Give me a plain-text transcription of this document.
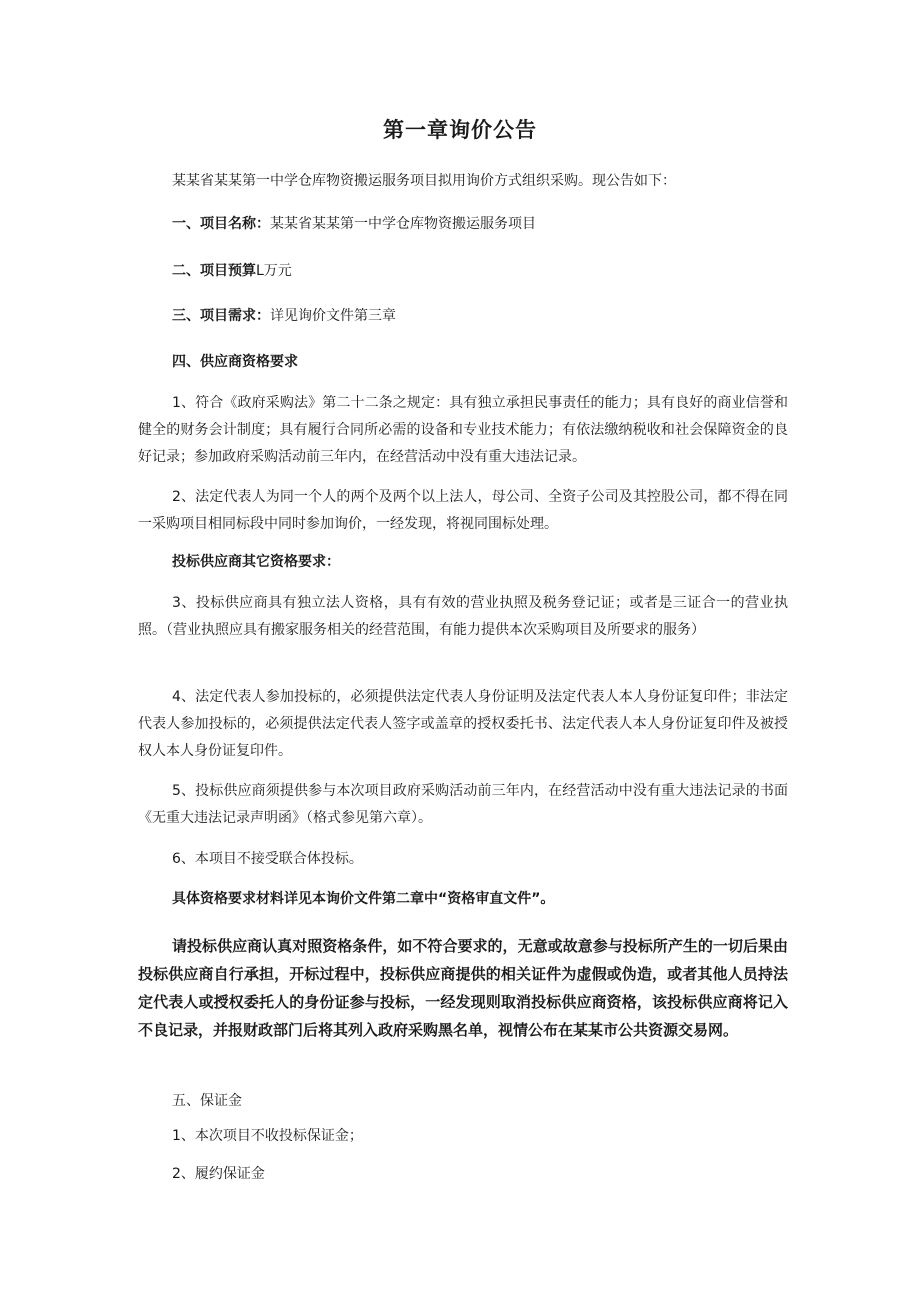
第一章询价公告

某某省某某第一中学仓库物资搬运服务项目拟用询价方式组织采购。现公告如下：

一、项目名称：某某省某某第一中学仓库物资搬运服务项目

二、项目预算L万元

三、项目需求：详见询价文件第三章

四、供应商资格要求

1、符合《政府采购法》第二十二条之规定：具有独立承担民事责任的能力；具有良好的商业信誉和健全的财务会计制度；具有履行合同所必需的设备和专业技术能力；有依法缴纳税收和社会保障资金的良好记录；参加政府采购活动前三年内，在经营活动中没有重大违法记录。

2、法定代表人为同一个人的两个及两个以上法人，母公司、全资子公司及其控股公司，都不得在同一采购项目相同标段中同时参加询价，一经发现，将视同围标处理。

投标供应商其它资格要求：

3、投标供应商具有独立法人资格，具有有效的营业执照及税务登记证；或者是三证合一的营业执照。（营业执照应具有搬家服务相关的经营范围，有能力提供本次采购项目及所要求的服务）

4、法定代表人参加投标的，必须提供法定代表人身份证明及法定代表人本人身份证复印件；非法定代表人参加投标的，必须提供法定代表人签字或盖章的授权委托书、法定代表人本人身份证复印件及被授权人本人身份证复印件。

5、投标供应商须提供参与本次项目政府采购活动前三年内，在经营活动中没有重大违法记录的书面《无重大违法记录声明函》（格式参见第六章）。

6、本项目不接受联合体投标。

具体资格要求材料详见本询价文件第二章中“资格审直文件”。

请投标供应商认真对照资格条件，如不符合要求的，无意或故意参与投标所产生的一切后果由投标供应商自行承担，开标过程中，投标供应商提供的相关证件为虚假或伪造，或者其他人员持法定代表人或授权委托人的身份证参与投标，一经发现则取消投标供应商资格，该投标供应商将记入不良记录，并报财政部门后将其列入政府采购黑名单，视情公布在某某市公共资源交易网。

五、保证金

1、本次项目不收投标保证金；

2、履约保证金
